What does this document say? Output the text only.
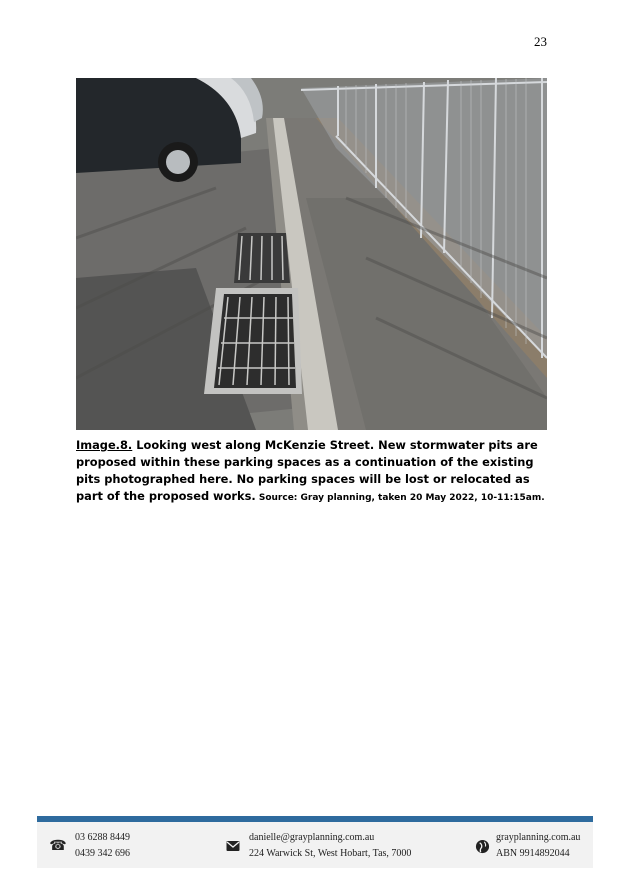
23
Image.8. Looking west along McKenzie Street. New stormwater pits are proposed within these parking spaces as a continuation of the existing pits photographed here. No parking spaces will be lost or relocated as part of the proposed works. Source: Gray planning, taken 20 May 2022, 10-11:15am.
☎
03 6288 8449
0439 342 696
danielle@grayplanning.com.au
224 Warwick St, West Hobart, Tas, 7000
grayplanning.com.au
ABN 9914892044
